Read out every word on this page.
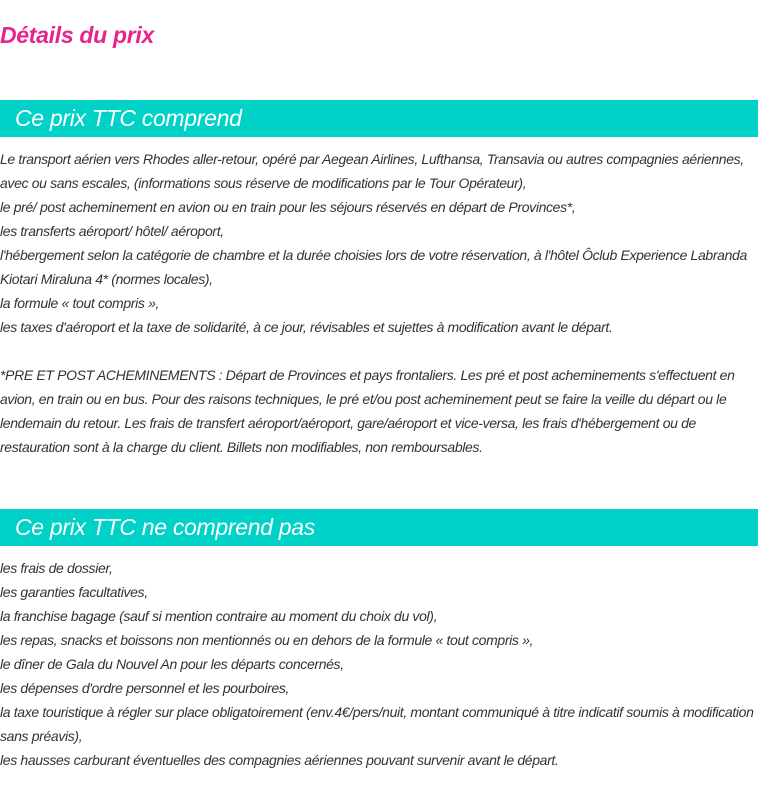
Détails du prix
Ce prix TTC comprend

Le transport aérien vers Rhodes aller-retour, opéré par Aegean Airlines, Lufthansa, Transavia ou autres compagnies aériennes, avec ou sans escales, (informations sous réserve de modifications par le Tour Opérateur),

le pré/ post acheminement en avion ou en train pour les séjours réservés en départ de Provinces*,

les transferts aéroport/ hôtel/ aéroport,

l'hébergement selon la catégorie de chambre et la durée choisies lors de votre réservation, à l'hôtel Ôclub Experience Labranda Kiotari Miraluna 4* (normes locales),

la formule « tout compris »,

les taxes d'aéroport et la taxe de solidarité, à ce jour, révisables et sujettes à modification avant le départ.

*PRE ET POST ACHEMINEMENTS : Départ de Provinces et pays frontaliers. Les pré et post acheminements s'effectuent en avion, en train ou en bus. Pour des raisons techniques, le pré et/ou post acheminement peut se faire la veille du départ ou le lendemain du retour. Les frais de transfert aéroport/aéroport, gare/aéroport et vice-versa, les frais d'hébergement ou de restauration sont à la charge du client. Billets non modifiables, non remboursables.

Ce prix TTC ne comprend pas

les frais de dossier,

les garanties facultatives,

la franchise bagage (sauf si mention contraire au moment du choix du vol),

les repas, snacks et boissons non mentionnés ou en dehors de la formule « tout compris »,

le dîner de Gala du Nouvel An pour les départs concernés,

les dépenses d'ordre personnel et les pourboires,

la taxe touristique à régler sur place obligatoirement (env.4€/pers/nuit, montant communiqué à titre indicatif soumis à modification sans préavis),

les hausses carburant éventuelles des compagnies aériennes pouvant survenir avant le départ.
